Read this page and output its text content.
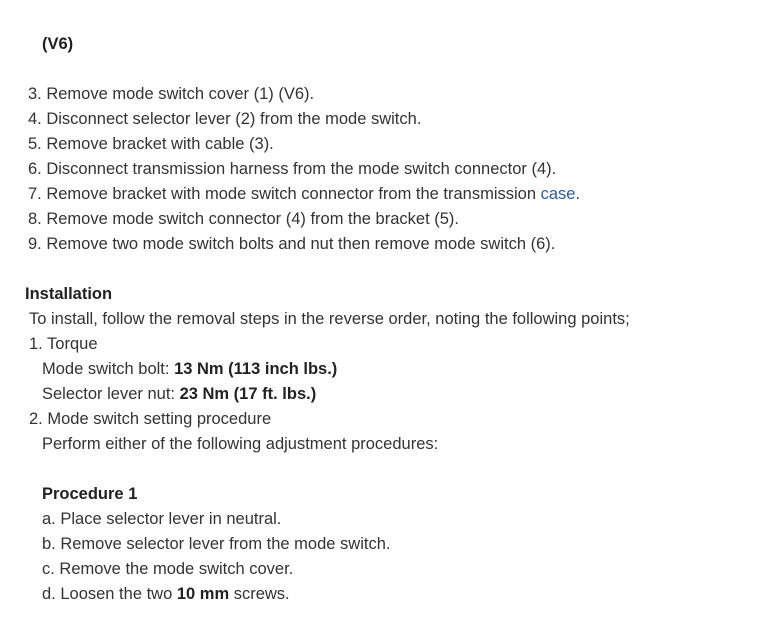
(V6)
3. Remove mode switch cover (1) (V6).
4. Disconnect selector lever (2) from the mode switch.
5. Remove bracket with cable (3).
6. Disconnect transmission harness from the mode switch connector (4).
7. Remove bracket with mode switch connector from the transmission case.
8. Remove mode switch connector (4) from the bracket (5).
9. Remove two mode switch bolts and nut then remove mode switch (6).
Installation
To install, follow the removal steps in the reverse order, noting the following points;
1. Torque
Mode switch bolt: 13 Nm (113 inch lbs.)
Selector lever nut: 23 Nm (17 ft. lbs.)
2. Mode switch setting procedure
Perform either of the following adjustment procedures:
Procedure 1
a. Place selector lever in neutral.
b. Remove selector lever from the mode switch.
c. Remove the mode switch cover.
d. Loosen the two 10 mm screws.
